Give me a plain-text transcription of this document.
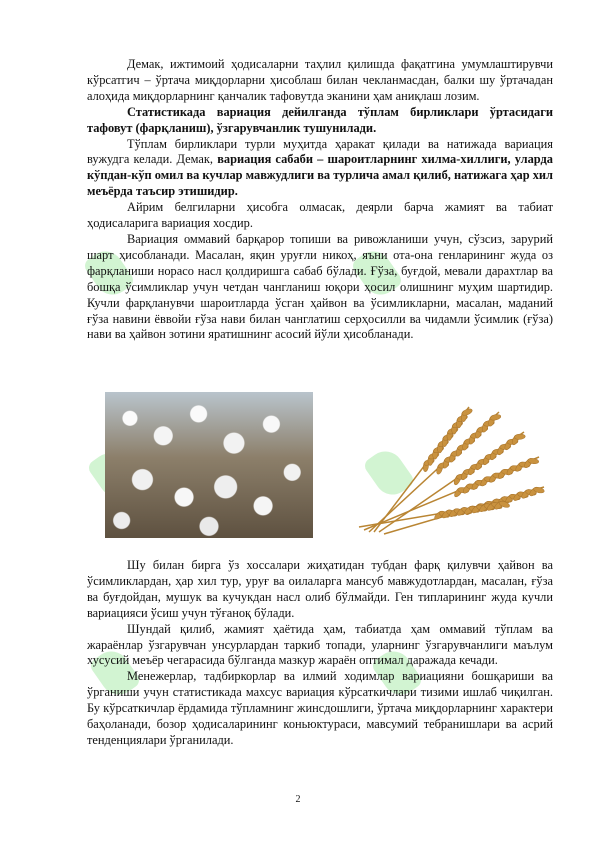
Демак, ижтимоий ҳодисаларни таҳлил қилишда фақатгина умумлаштирувчи кўрсатгич – ўртача миқдорларни ҳисоблаш билан чекланмасдан, балки шу ўртачадан алоҳида миқдорларнинг қанчалик тафовутда эканини ҳам аниқлаш лозим.

Статистикада вариация дейилганда тўплам бирликлари ўртасидаги тафовут (фарқланиш), ўзгарувчанлик тушунилади.

Тўплам бирликлари турли муҳитда ҳаракат қилади ва натижада вариация вужудга келади. Демак, вариация сабаби – шароитларнинг хилма-хиллиги, уларда кўпдан-кўп омил ва кучлар мавжудлиги ва турлича амал қилиб, натижага ҳар хил меъёрда таъсир этишидир.

Айрим белгиларни ҳисобга олмасак, деярли барча жамият ва табиат ҳодисаларига вариация хосдир.

Вариация оммавий барқарор топиши ва ривожланиши учун, сўзсиз, зарурий шарт ҳисобланади. Масалан, яқин уруғли никоҳ, яъни ота-она генларининг жуда оз фарқланиши норасо насл қолдиришга сабаб бўлади. Ғўза, буғдой, мевали дарахтлар ва бошқа ўсимликлар учун четдан чангланиш юқори ҳосил олишнинг муҳим шартидир. Кучли фарқланувчи шароитларда ўсган ҳайвон ва ўсимликларни, масалан, маданий ғўза навини ёввойи ғўза нави билан чанглатиш серҳосилли ва чидамли ўсимлик (ғўза) нави ва ҳайвон зотини яратишнинг асосий йўли ҳисобланади.

Шу билан бирга ўз хоссалари жиҳатидан тубдан фарқ қилувчи ҳайвон ва ўсимликлардан, ҳар хил тур, уруғ ва оилаларга мансуб мавжудотлардан, масалан, ғўза ва буғдойдан, мушук ва кучукдан насл олиб бўлмайди. Ген типларининг жуда кучли вариацияси ўсиш учун тўғаноқ бўлади.

Шундай қилиб, жамият ҳаётида ҳам, табиатда ҳам оммавий тўплам ва жараёнлар ўзгарувчан унсурлардан таркиб топади, уларнинг ўзгарувчанлиги маълум хусусий меъёр чегарасида бўлганда мазкур жараён оптимал даражада кечади.

Менежерлар, тадбиркорлар ва илмий ходимлар вариацияни бошқариши ва ўрганиши учун статистикада махсус вариация кўрсаткичлари тизими ишлаб чиқилган. Бу кўрсаткичлар ёрдамида тўпламнинг жинсдошлиги, ўртача миқдорларнинг характери баҳоланади, бозор ҳодисаларининг коньюктураси, мавсумий тебранишлари ва асрий тенденциялари ўрганилади.

2
